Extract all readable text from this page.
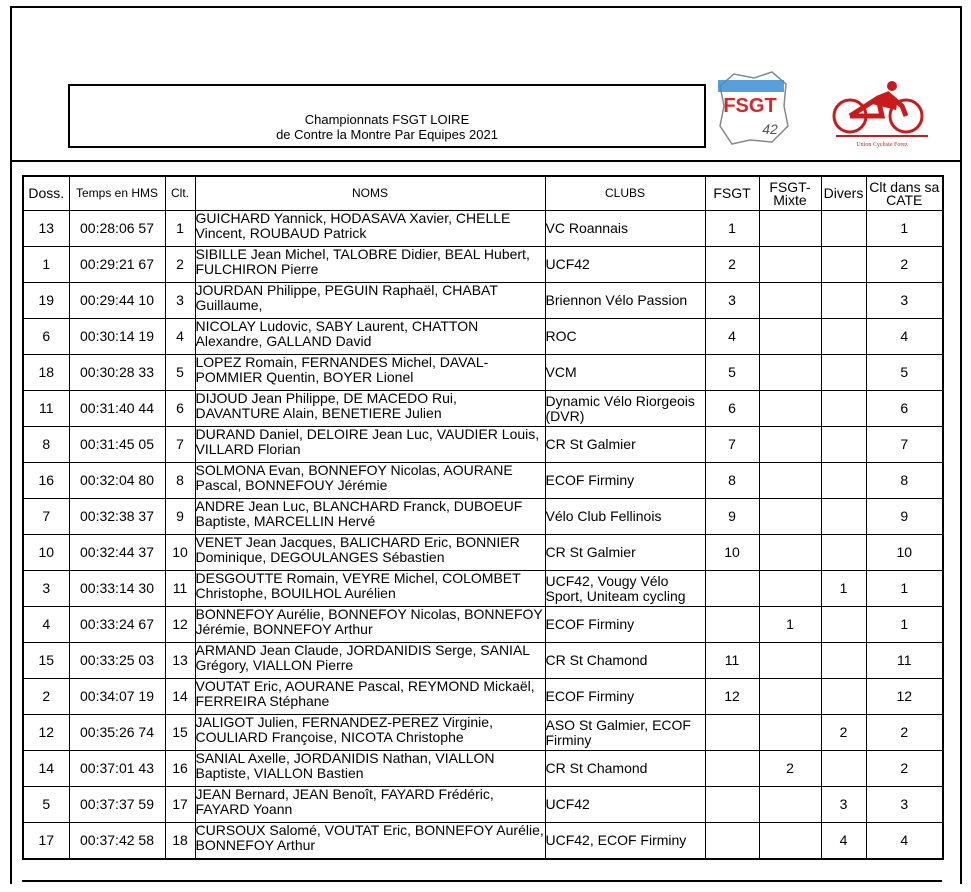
Championnats FSGT LOIRE
de Contre la Montre Par Equipes 2021
FSGT
42
Union Cycliste Forez
Doss.	Temps en HMS	Clt.	NOMS	CLUBS	FSGT	FSGT-Mixte	Divers	Clt dans sa CATE
13	00:28:06 57	1	GUICHARD Yannick, HODASAVA Xavier, CHELLE Vincent, ROUBAUD Patrick	VC Roannais	1			1
1	00:29:21 67	2	SIBILLE Jean Michel, TALOBRE Didier, BEAL Hubert, FULCHIRON Pierre	UCF42	2			2
19	00:29:44 10	3	JOURDAN Philippe, PEGUIN Raphaël, CHABAT Guillaume,	Briennon Vélo Passion	3			3
6	00:30:14 19	4	NICOLAY Ludovic, SABY Laurent, CHATTON Alexandre, GALLAND David	ROC	4			4
18	00:30:28 33	5	LOPEZ Romain, FERNANDES Michel, DAVAL-POMMIER Quentin, BOYER Lionel	VCM	5			5
11	00:31:40 44	6	DIJOUD Jean Philippe, DE MACEDO Rui, DAVANTURE Alain, BENETIERE Julien	Dynamic Vélo Riorgeois (DVR)	6			6
8	00:31:45 05	7	DURAND Daniel, DELOIRE Jean Luc, VAUDIER Louis, VILLARD Florian	CR St Galmier	7			7
16	00:32:04 80	8	SOLMONA Evan, BONNEFOY Nicolas, AOURANE Pascal, BONNEFOUY Jérémie	ECOF Firminy	8			8
7	00:32:38 37	9	ANDRE Jean Luc, BLANCHARD Franck, DUBOEUF Baptiste, MARCELLIN Hervé	Vélo Club Fellinois	9			9
10	00:32:44 37	10	VENET Jean Jacques, BALICHARD Eric, BONNIER Dominique, DEGOULANGES Sébastien	CR St Galmier	10			10
3	00:33:14 30	11	DESGOUTTE Romain, VEYRE Michel, COLOMBET Christophe, BOUILHOL Aurélien	UCF42, Vougy Vélo Sport, Uniteam cycling			1	1
4	00:33:24 67	12	BONNEFOY Aurélie, BONNEFOY Nicolas, BONNEFOY Jérémie, BONNEFOY Arthur	ECOF Firminy		1		1
15	00:33:25 03	13	ARMAND Jean Claude, JORDANIDIS Serge, SANIAL Grégory, VIALLON Pierre	CR St Chamond	11			11
2	00:34:07 19	14	VOUTAT Eric, AOURANE Pascal, REYMOND Mickaël, FERREIRA Stéphane	ECOF Firminy	12			12
12	00:35:26 74	15	JALIGOT Julien, FERNANDEZ-PEREZ Virginie, COULIARD Françoise, NICOTA Christophe	ASO St Galmier, ECOF Firminy			2	2
14	00:37:01 43	16	SANIAL Axelle, JORDANIDIS Nathan, VIALLON Baptiste, VIALLON Bastien	CR St Chamond		2		2
5	00:37:37 59	17	JEAN Bernard, JEAN Benoît, FAYARD Frédéric, FAYARD Yoann	UCF42			3	3
17	00:37:42 58	18	CURSOUX Salomé, VOUTAT Eric, BONNEFOY Aurélie, BONNEFOY Arthur	UCF42, ECOF Firminy			4	4
